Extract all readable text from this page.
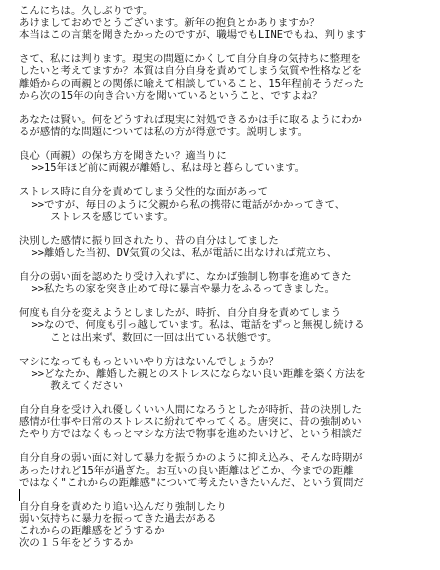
こんにちは。久しぶりです。
あけましておめでとうございます。新年の抱負とかありますか？
本当はこの言葉を聞きたかったのですが、職場でもLINEでもね、判ります
さて、私には判ります。現実の問題にかくして自分自身の気持ちに整理を
したいと考えてますか？本質は自分自身を責めてしまう気質や性格などを
離婚からの両親との関係に喩えて相談していること、15年程前そうだった
から次の15年の向き合い方を聞いているということ、ですよね？
あなたは賢い。何をどうすれば現実に対処できるかは手に取るようにわか
るが感情的な問題については私の方が得意です。説明します。
良心（両親）の保ち方を聞きたい？適当りに
>>15年ほど前に両親が離婚し、私は母と暮らしています。
ストレス時に自分を責めてしまう父性的な面があって
>>ですが、毎日のように父親から私の携帯に電話がかかってきて、
ストレスを感じています。
決別した感情に振り回されたり、昔の自分はしてました
>>離婚した当初、DV気質の父は、私が電話に出なければ荒立ち、
自分の弱い面を認めたり受け入れずに、なかば強制し物事を進めてきた
>>私たちの家を突き止めて母に暴言や暴力をふるってきました。
何度も自分を変えようとしましたが、時折、自分自身を責めてしまう
>>なので、何度も引っ越しています。私は、電話をずっと無視し続ける
ことは出来ず、数回に一回は出ている状態です。
マシになってももっといいやり方はないんでしょうか？
>>どなたか、離婚した親とのストレスにならない良い距離を築く方法を
教えてください
自分自身を受け入れ優しくいい人間になろうとしたが時折、昔の決別した
感情が仕事や日常のストレスに紛れてやってくる。唐突に、昔の強制めい
たやり方ではなくもっとマシな方法で物事を進めたいけど、という相談だ
自分自身の弱い面に対して暴力を振うかのように抑え込み、そんな時期が
あったけれど15年が過ぎた。お互いの良い距離はどこか、今までの距離
ではなく"これからの距離感"について考えたいきたいんだ、という質問だ
自分自身を責めたり追い込んだり強制したり
弱い気持ちに暴力を振ってきた過去がある
これからの距離感をどうするか
次の１５年をどうするか
